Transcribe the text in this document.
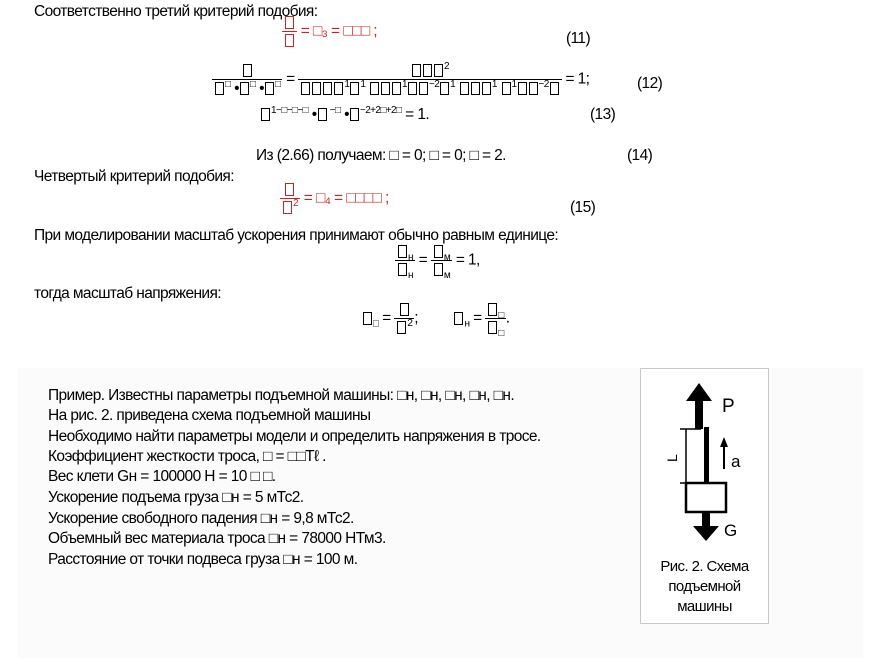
Соответственно третий критерий подобия:
= □₃ = □□□ ;	(11)
□ • □ • □ = $^2$
$^1$ $^1$	$^1$ $^{-2}$ $^1$	$^1$ $^1$ $^{-2}$ = 1;	(12)
$^{1-□-□-□}$ • −□ • $^{-2+2□+2□}$ = 1.	(13)
Из (2.66) получаем: □ = 0; □ = 0; □ = 2.	(14)
Четвертый критерий подобия:
$^2$ = □₄ = □□□□ ;
(15)
При моделировании масштаб ускорения принимают обычно равным единице:
$\frac{_н}{_н} = \frac{_м}{_м} = 1$,
тогда масштаб напряжения:
$_□$ =	$^2$ ;	$_н = \frac{_□}{_□}$ .
Пример. Известны параметры подъемной машины: □н, □н, □н, □н, □н.
На рис. 2. приведена схема подъемной машины
Необходимо найти параметры модели и определить напряжения в тросе.
Коэффициент жесткости троса, □ = □□Tℓ .
Вес клети Gн = 100000 Н = 10 □ □.
Ускорение подъема груза □н = 5 мТс2.
Ускорение свободного падения □н = 9,8 мТс2.
Объемный вес материала троса □н = 78000 НТм3.
Расстояние от точки подвеса груза □н = 100 м.
P
a
G
L
Рис. 2. Схема подъемной машины
